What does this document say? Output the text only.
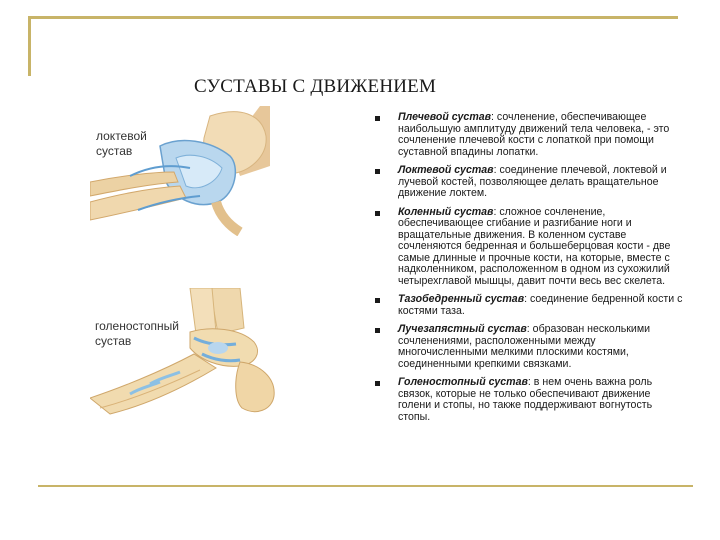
СУСТАВЫ С ДВИЖЕНИЕМ
локтевой сустав
голеностопный сустав
Плечевой сустав: сочленение, обеспечивающее наибольшую амплитуду движений тела человека, - это сочленение плечевой кости с лопаткой при помощи суставной впадины лопатки.
Локтевой сустав: соединение плечевой, локтевой и лучевой костей, позволяющее делать вращательное движение локтем.
Коленный сустав: сложное сочленение, обеспечивающее сгибание и разгибание ноги и вращательные движения. В коленном суставе сочленяются бедренная и большеберцовая кости - две самые длинные и прочные кости, на которые, вместе с надколенником, расположенном в одном из сухожилий четырехглавой мышцы, давит почти весь вес скелета.
Тазобедренный сустав: соединение бедренной кости с костями таза.
Лучезапястный сустав: образован несколькими сочленениями, расположенными между многочисленными мелкими плоскими костями, соединенными крепкими связками.
Голеностопный сустав: в нем очень важна роль связок, которые не только обеспечивают движение голени и стопы, но также поддерживают вогнутость стопы.
